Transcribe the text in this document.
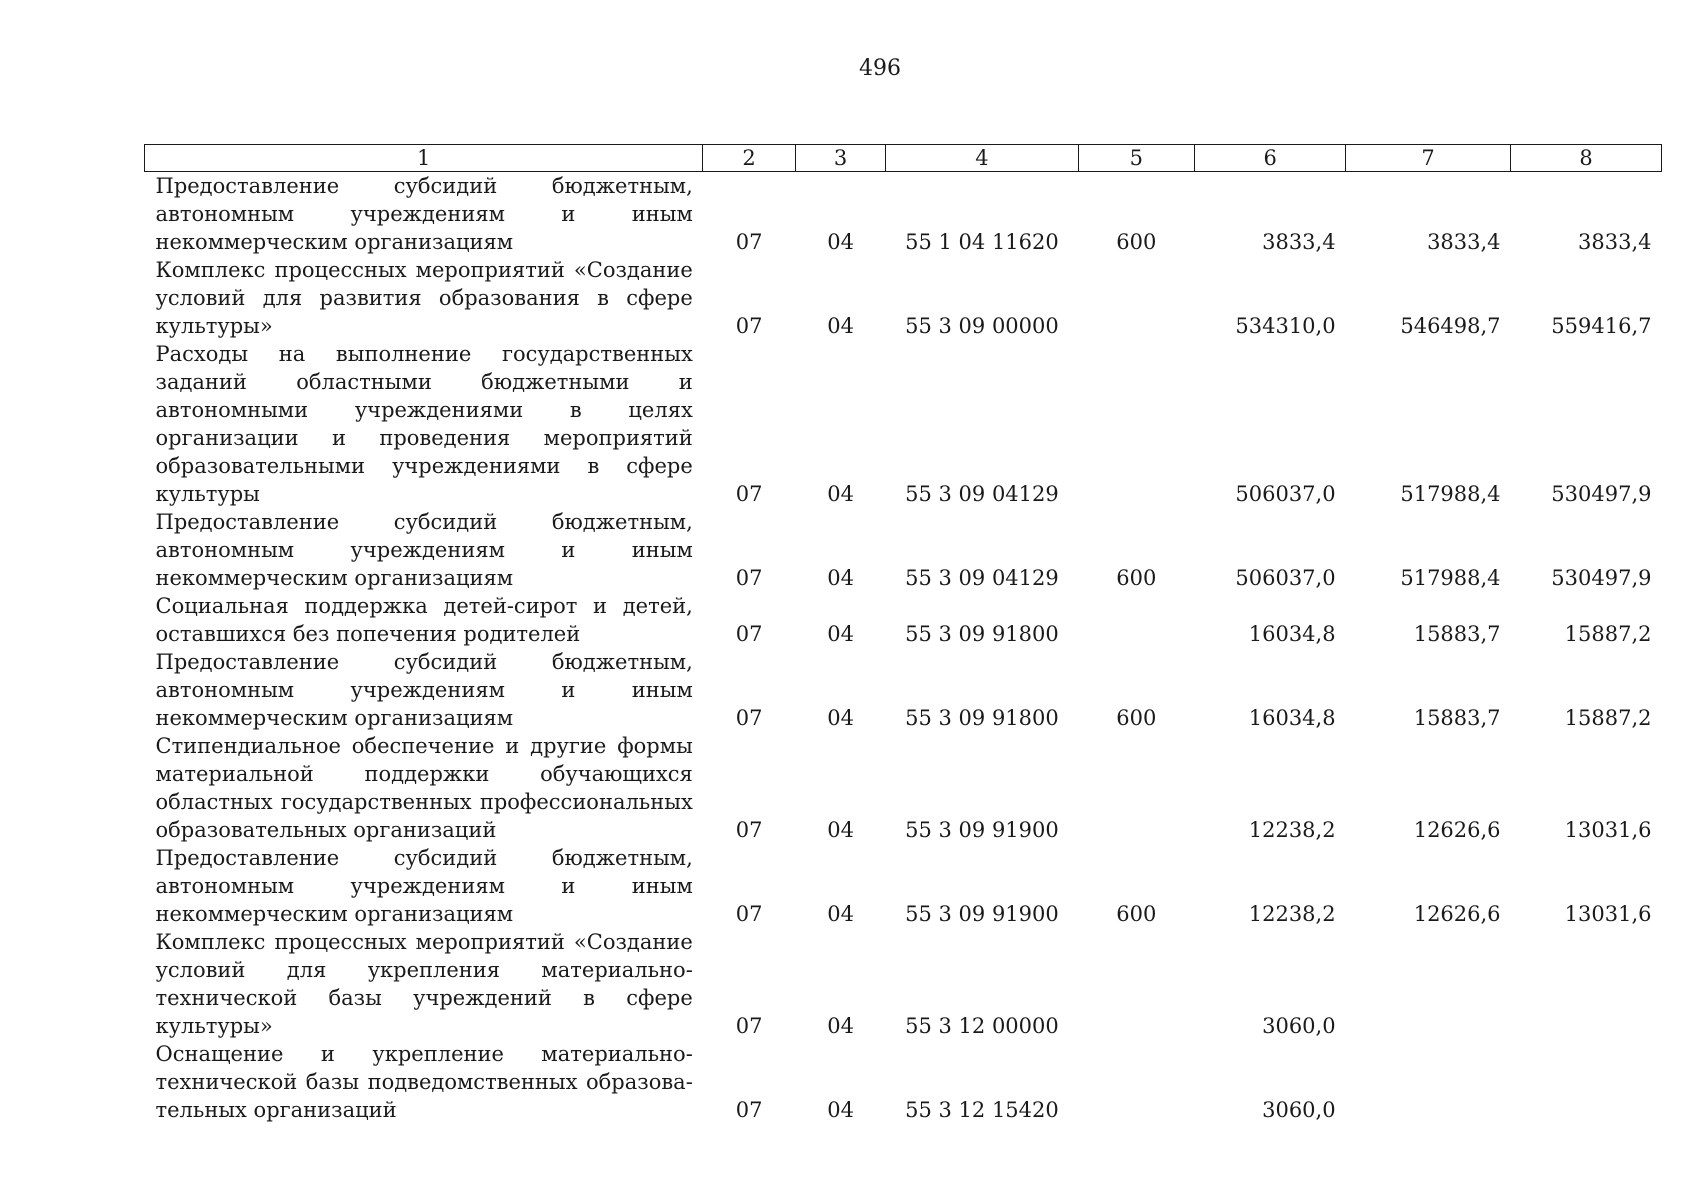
496
1	2	3	4	5	6	7	8
Предоставление субсидий бюджетным, автономным учреждениям и иным некоммерческим организациям	07	04	55 1 04 11620	600	3833,4	3833,4	3833,4
Комплекс процессных мероприятий «Создание условий для развития образования в сфере культуры»	07	04	55 3 09 00000		534310,0	546498,7	559416,7
Расходы на выполнение государственных заданий областными бюджетными и автономными учреждениями в целях организации и проведения мероприятий образовательными учреждениями в сфере культуры	07	04	55 3 09 04129		506037,0	517988,4	530497,9
Предоставление субсидий бюджетным, автономным учреждениям и иным некоммерческим организациям	07	04	55 3 09 04129	600	506037,0	517988,4	530497,9
Социальная поддержка детей-сирот и детей, оставшихся без попечения родителей	07	04	55 3 09 91800		16034,8	15883,7	15887,2
Предоставление субсидий бюджетным, автономным учреждениям и иным некоммерческим организациям	07	04	55 3 09 91800	600	16034,8	15883,7	15887,2
Стипендиальное обеспечение и другие формы материальной поддержки обучающихся областных государственных профессиональных образовательных организаций	07	04	55 3 09 91900		12238,2	12626,6	13031,6
Предоставление субсидий бюджетным, автономным учреждениям и иным некоммерческим организациям	07	04	55 3 09 91900	600	12238,2	12626,6	13031,6
Комплекс процессных мероприятий «Создание условий для укрепления материально-технической базы учреждений в сфере культуры»	07	04	55 3 12 00000		3060,0		
Оснащение и укрепление материально-технической базы подведомственных образовательных организаций	07	04	55 3 12 15420		3060,0		
